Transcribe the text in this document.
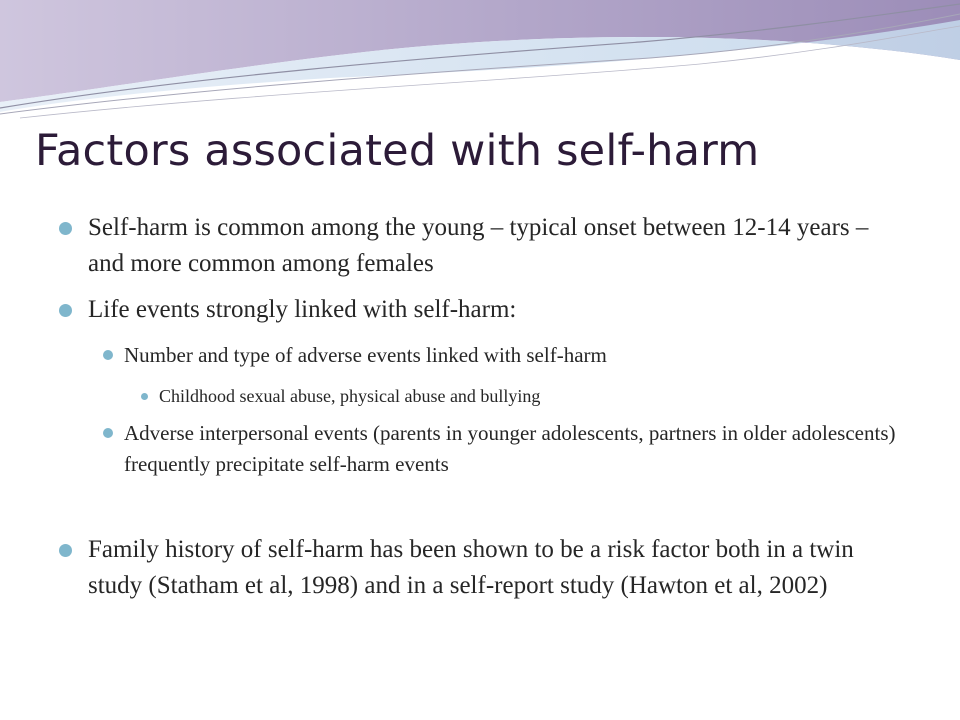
Factors associated with self-harm

Self-harm is common among the young – typical onset between 12-14 years – and more common among females

Life events strongly linked with self-harm:

Number and type of adverse events linked with self-harm

Childhood sexual abuse, physical abuse and bullying

Adverse interpersonal events (parents in younger adolescents, partners in older adolescents) frequently precipitate self-harm events

Family history of self-harm has been shown to be a risk factor both in a twin study (Statham et al, 1998) and in a self-report study (Hawton et al, 2002)
